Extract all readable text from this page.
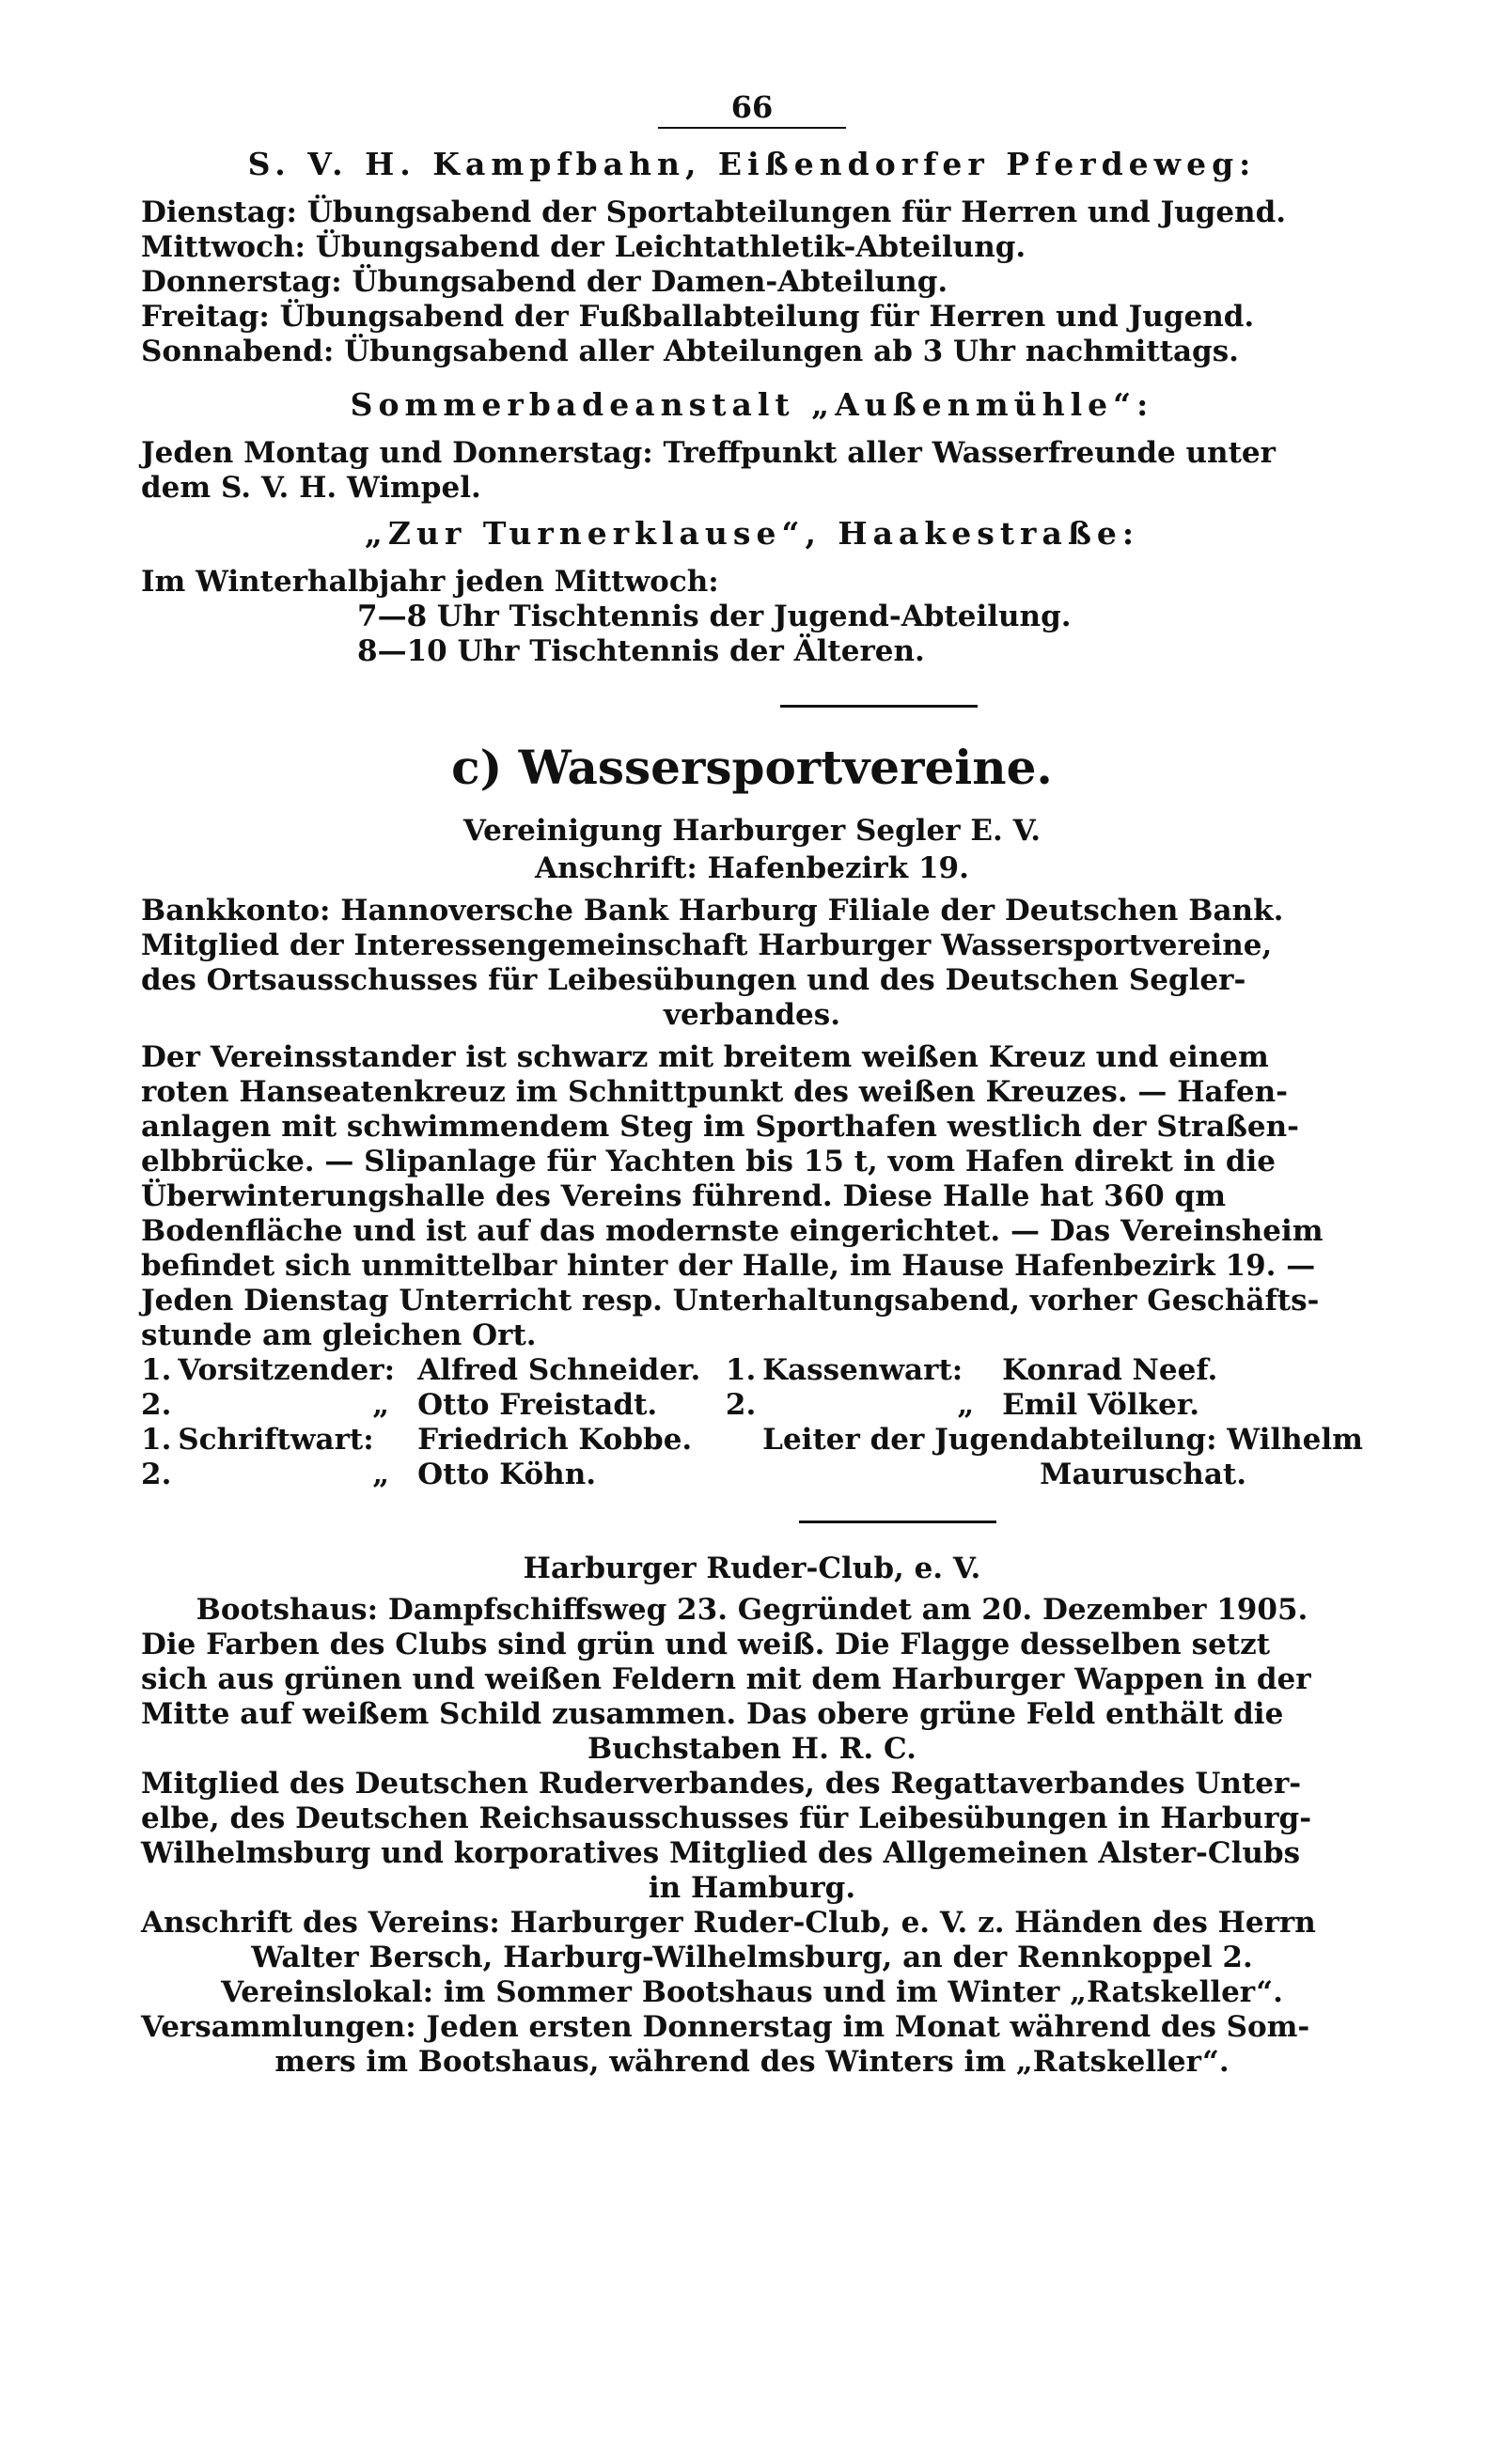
66
S. V. H. Kampfbahn, Eißendorfer Pferdeweg:

Dienstag: Übungsabend der Sportabteilungen für Herren und Jugend.

Mittwoch: Übungsabend der Leichtathletik-Abteilung.

Donnerstag: Übungsabend der Damen-Abteilung.

Freitag: Übungsabend der Fußballabteilung für Herren und Jugend.

Sonnabend: Übungsabend aller Abteilungen ab 3 Uhr nachmittags.

Sommerbadeanstalt „Außenmühle“:

Jeden Montag und Donnerstag: Treffpunkt aller Wasserfreunde unter

dem S. V. H. Wimpel.

„Zur Turnerklause“, Haakestraße:

Im Winterhalbjahr jeden Mittwoch:

7—8 Uhr Tischtennis der Jugend-Abteilung.

8—10 Uhr Tischtennis der Älteren.

c) Wassersportvereine.
Vereinigung Harburger Segler E. V.

Anschrift: Hafenbezirk 19.

Bankkonto: Hannoversche Bank Harburg Filiale der Deutschen Bank.

Mitglied der Interessengemeinschaft Harburger Wassersportvereine,

des Ortsausschusses für Leibesübungen und des Deutschen Segler-

verbandes.

Der Vereinsstander ist schwarz mit breitem weißen Kreuz und einem

roten Hanseatenkreuz im Schnittpunkt des weißen Kreuzes. — Hafen-

anlagen mit schwimmendem Steg im Sporthafen westlich der Straßen-

elbbrücke. — Slipanlage für Yachten bis 15 t, vom Hafen direkt in die

Überwinterungshalle des Vereins führend. Diese Halle hat 360 qm

Bodenfläche und ist auf das modernste eingerichtet. — Das Vereinsheim

befindet sich unmittelbar hinter der Halle, im Hause Hafenbezirk 19. —

Jeden Dienstag Unterricht resp. Unterhaltungsabend, vorher Geschäfts-

stunde am gleichen Ort.

1.	Vorsitzender:	Alfred Schneider.	1.	Kassenwart:	Konrad Neef.
2.	„	Otto Freistadt.	2.	„	Emil Völker.
1.	Schriftwart:	Friedrich Kobbe.		Leiter der Jugendabteilung: Wilhelm	
2.	„	Otto Köhn.			Mauruschat.
Harburger Ruder-Club, e. V.

Bootshaus: Dampfschiffsweg 23. Gegründet am 20. Dezember 1905.

Die Farben des Clubs sind grün und weiß. Die Flagge desselben setzt

sich aus grünen und weißen Feldern mit dem Harburger Wappen in der

Mitte auf weißem Schild zusammen. Das obere grüne Feld enthält die

Buchstaben H. R. C.

Mitglied des Deutschen Ruderverbandes, des Regattaverbandes Unter-

elbe, des Deutschen Reichsausschusses für Leibesübungen in Harburg-

Wilhelmsburg und korporatives Mitglied des Allgemeinen Alster-Clubs

in Hamburg.

Anschrift des Vereins: Harburger Ruder-Club, e. V. z. Händen des Herrn

Walter Bersch, Harburg-Wilhelmsburg, an der Rennkoppel 2.

Vereinslokal: im Sommer Bootshaus und im Winter „Ratskeller“.

Versammlungen: Jeden ersten Donnerstag im Monat während des Som-

mers im Bootshaus, während des Winters im „Ratskeller“.
